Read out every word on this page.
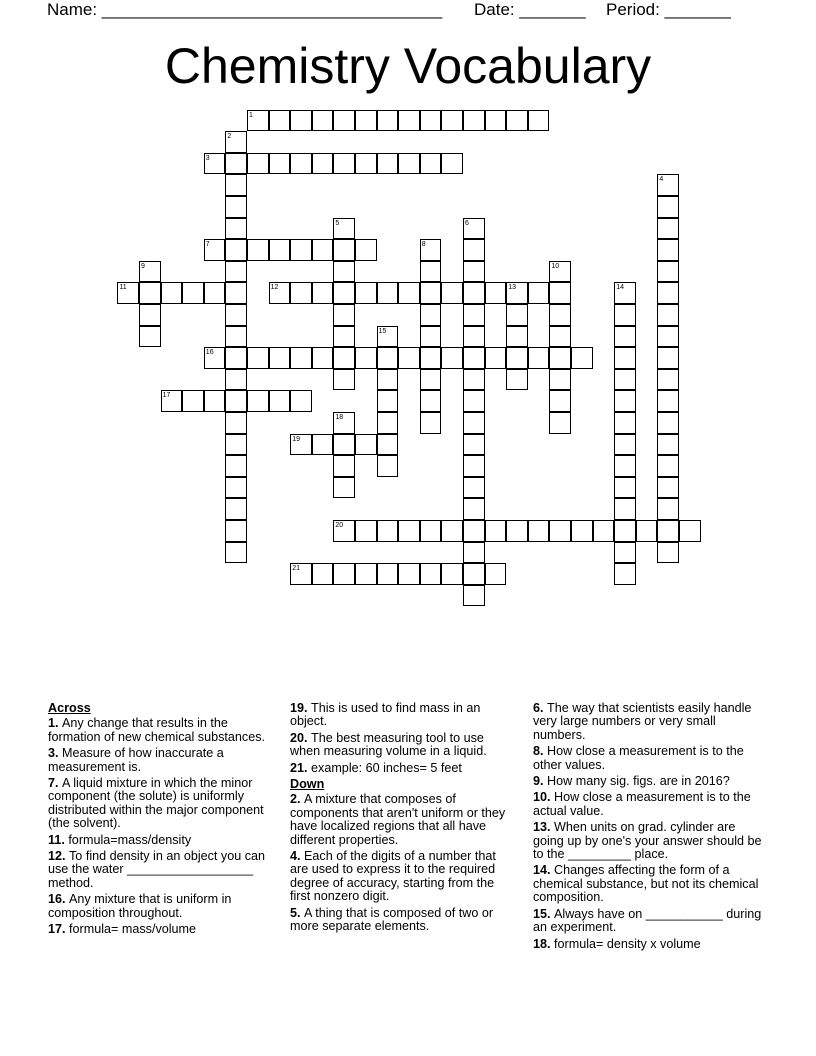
Name: ____________________________________ Date: _______ Period: _______
Chemistry Vocabulary
1
2
3
4
5	6
7	8
9	10
11	12	13	14
15
16
17
18
19
20
21
Across

1. Any change that results in the formation of new chemical substances.

3. Measure of how inaccurate a measurement is.

7. A liquid mixture in which the minor component (the solute) is uniformly distributed within the major component (the solvent).

11. formula=mass/density

12. To find density in an object you can use the water __________________ method.

16. Any mixture that is uniform in composition throughout.

17. formula= mass/volume

19. This is used to find mass in an object.

20. The best measuring tool to use when measuring volume in a liquid.

21. example: 60 inches= 5 feet

Down

2. A mixture that composes of components that aren't uniform or they have localized regions that all have different properties.

4. Each of the digits of a number that are used to express it to the required degree of accuracy, starting from the first nonzero digit.

5. A thing that is composed of two or more separate elements.

6. The way that scientists easily handle very large numbers or very small numbers.

8. How close a measurement is to the other values.

9. How many sig. figs. are in 2016?

10. How close a measurement is to the actual value.

13. When units on grad. cylinder are going up by one's your answer should be to the _________ place.

14. Changes affecting the form of a chemical substance, but not its chemical composition.

15. Always have on ___________ during an experiment.

18. formula= density x volume
